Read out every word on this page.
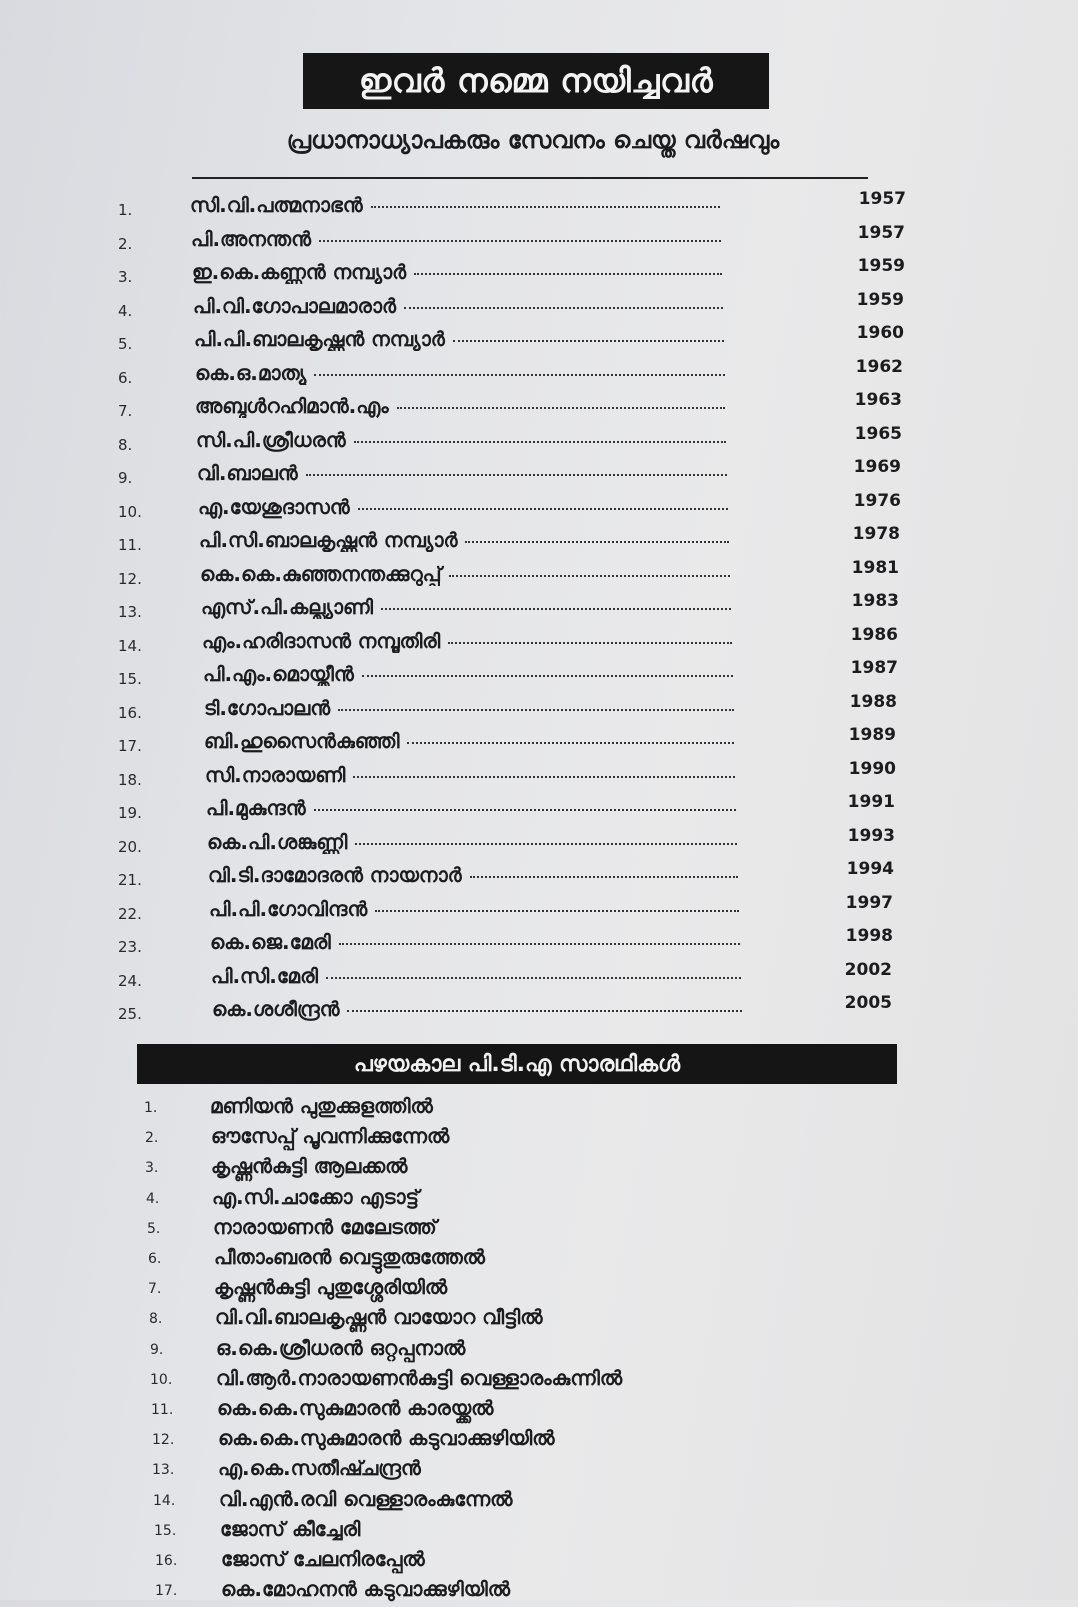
ഇവർ നമ്മെ നയിച്ചവർ
പ്രധാനാധ്യാപകരും സേവനം ചെയ്ത വർഷവും
1.	സി.വി.പത്മനാഭൻ	1957
2.	പി.അനന്തൻ	1957
3.	ഇ.കെ.കണ്ണൻ നമ്പ്യാർ	1959
4.	പി.വി.ഗോപാലമാരാർ	1959
5.	പി.പി.ബാലകൃഷ്ണൻ നമ്പ്യാർ	1960
6.	കെ.ഒ.മാത്യു	1962
7.	അബ്ദുൾറഹിമാൻ.എം	1963
8.	സി.പി.ശ്രീധരൻ	1965
9.	വി.ബാലൻ	1969
10.	എ.യേശുദാസൻ	1976
11.	പി.സി.ബാലകൃഷ്ണൻ നമ്പ്യാർ	1978
12.	കെ.കെ.കുഞ്ഞനന്തക്കുറുപ്പ്	1981
13.	എസ്.പി.കല്ല്യാണി	1983
14.	എം.ഹരിദാസൻ നമ്പൂതിരി	1986
15.	പി.എം.മൊയ്തീൻ	1987
16.	ടി.ഗോപാലൻ	1988
17.	ബി.ഹുസൈൻകുഞ്ഞി	1989
18.	സി.നാരായണി	1990
19.	പി.മുകുന്ദൻ	1991
20.	കെ.പി.ശങ്കുണ്ണി	1993
21.	വി.ടി.ദാമോദരൻ നായനാർ	1994
22.	പി.പി.ഗോവിന്ദൻ	1997
23.	കെ.ജെ.മേരി	1998
24.	പി.സി.മേരി	2002
25.	കെ.ശശീന്ദ്രൻ	2005
പഴയകാല പി.ടി.എ സാരഥികൾ
1.	മണിയൻ പുതുക്കുളത്തിൽ
2.	ഔസേപ്പ് പൂവന്നിക്കുന്നേൽ
3.	കൃഷ്ണൻകുട്ടി ആലക്കൽ
4.	എ.സി.ചാക്കോ എടാട്ട്
5.	നാരായണൻ മേലേടത്ത്
6.	പീതാംബരൻ വെട്ടുതുരുത്തേൽ
7.	കൃഷ്ണൻകുട്ടി പുതുശ്ശേരിയിൽ
8.	വി.വി.ബാലകൃഷ്ണൻ വായോറ വീട്ടിൽ
9.	ഒ.കെ.ശ്രീധരൻ ഒറ്റപ്പനാൽ
10.	വി.ആർ.നാരായണൻകുട്ടി വെള്ളാരംകുന്നിൽ
11.	കെ.കെ.സുകുമാരൻ കാരയ്ക്കൽ
12.	കെ.കെ.സുകുമാരൻ കടുവാക്കുഴിയിൽ
13.	എ.കെ.സതീഷ്ചന്ദ്രൻ
14.	വി.എൻ.രവി വെള്ളാരംകുന്നേൽ
15.	ജോസ് കീച്ചേരി
16.	ജോസ് ചേലനിരപ്പേൽ
17.	കെ.മോഹനൻ കടുവാക്കുഴിയിൽ
